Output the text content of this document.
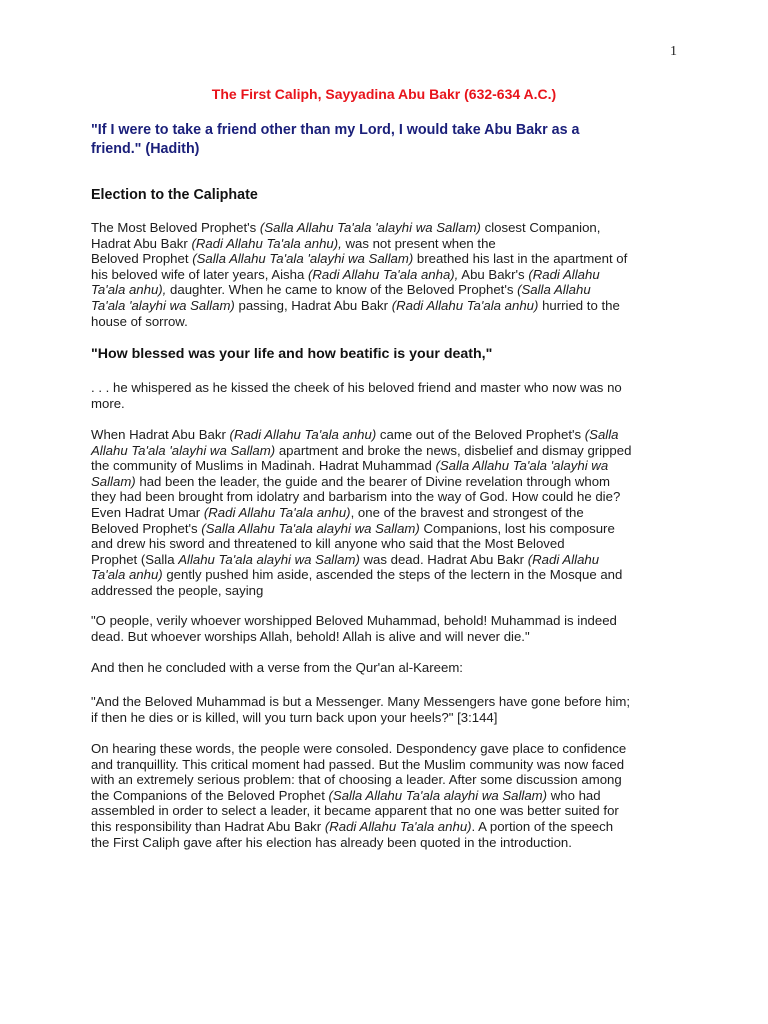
1
The First Caliph, Sayyadina Abu Bakr (632-634 A.C.)
"If I were to take a friend other than my Lord, I would take Abu Bakr as a
friend." (Hadith)
Election to the Caliphate
The Most Beloved Prophet's (Salla Allahu Ta'ala 'alayhi wa Sallam) closest Companion,
Hadrat Abu Bakr (Radi Allahu Ta'ala anhu), was not present when the
Beloved Prophet (Salla Allahu Ta'ala 'alayhi wa Sallam) breathed his last in the apartment of
his beloved wife of later years, Aisha (Radi Allahu Ta'ala anha), Abu Bakr's (Radi Allahu
Ta'ala anhu), daughter. When he came to know of the Beloved Prophet's (Salla Allahu
Ta'ala 'alayhi wa Sallam) passing, Hadrat Abu Bakr (Radi Allahu Ta'ala anhu) hurried to the
house of sorrow.
"How blessed was your life and how beatific is your death,"
. . . he whispered as he kissed the cheek of his beloved friend and master who now was no
more.
When Hadrat Abu Bakr (Radi Allahu Ta'ala anhu) came out of the Beloved Prophet's (Salla
Allahu Ta'ala 'alayhi wa Sallam) apartment and broke the news, disbelief and dismay gripped
the community of Muslims in Madinah. Hadrat Muhammad (Salla Allahu Ta'ala 'alayhi wa
Sallam) had been the leader, the guide and the bearer of Divine revelation through whom
they had been brought from idolatry and barbarism into the way of God. How could he die?
Even Hadrat Umar (Radi Allahu Ta'ala anhu), one of the bravest and strongest of the
Beloved Prophet's (Salla Allahu Ta'ala alayhi wa Sallam) Companions, lost his composure
and drew his sword and threatened to kill anyone who said that the Most Beloved
Prophet (Salla Allahu Ta'ala alayhi wa Sallam) was dead. Hadrat Abu Bakr (Radi Allahu
Ta'ala anhu) gently pushed him aside, ascended the steps of the lectern in the Mosque and
addressed the people, saying
"O people, verily whoever worshipped Beloved Muhammad, behold! Muhammad is indeed
dead. But whoever worships Allah, behold! Allah is alive and will never die."
And then he concluded with a verse from the Qur'an al-Kareem:
"And the Beloved Muhammad is but a Messenger. Many Messengers have gone before him;
if then he dies or is killed, will you turn back upon your heels?" [3:144]
On hearing these words, the people were consoled. Despondency gave place to confidence
and tranquillity. This critical moment had passed. But the Muslim community was now faced
with an extremely serious problem: that of choosing a leader. After some discussion among
the Companions of the Beloved Prophet (Salla Allahu Ta'ala alayhi wa Sallam) who had
assembled in order to select a leader, it became apparent that no one was better suited for
this responsibility than Hadrat Abu Bakr (Radi Allahu Ta'ala anhu). A portion of the speech
the First Caliph gave after his election has already been quoted in the introduction.
